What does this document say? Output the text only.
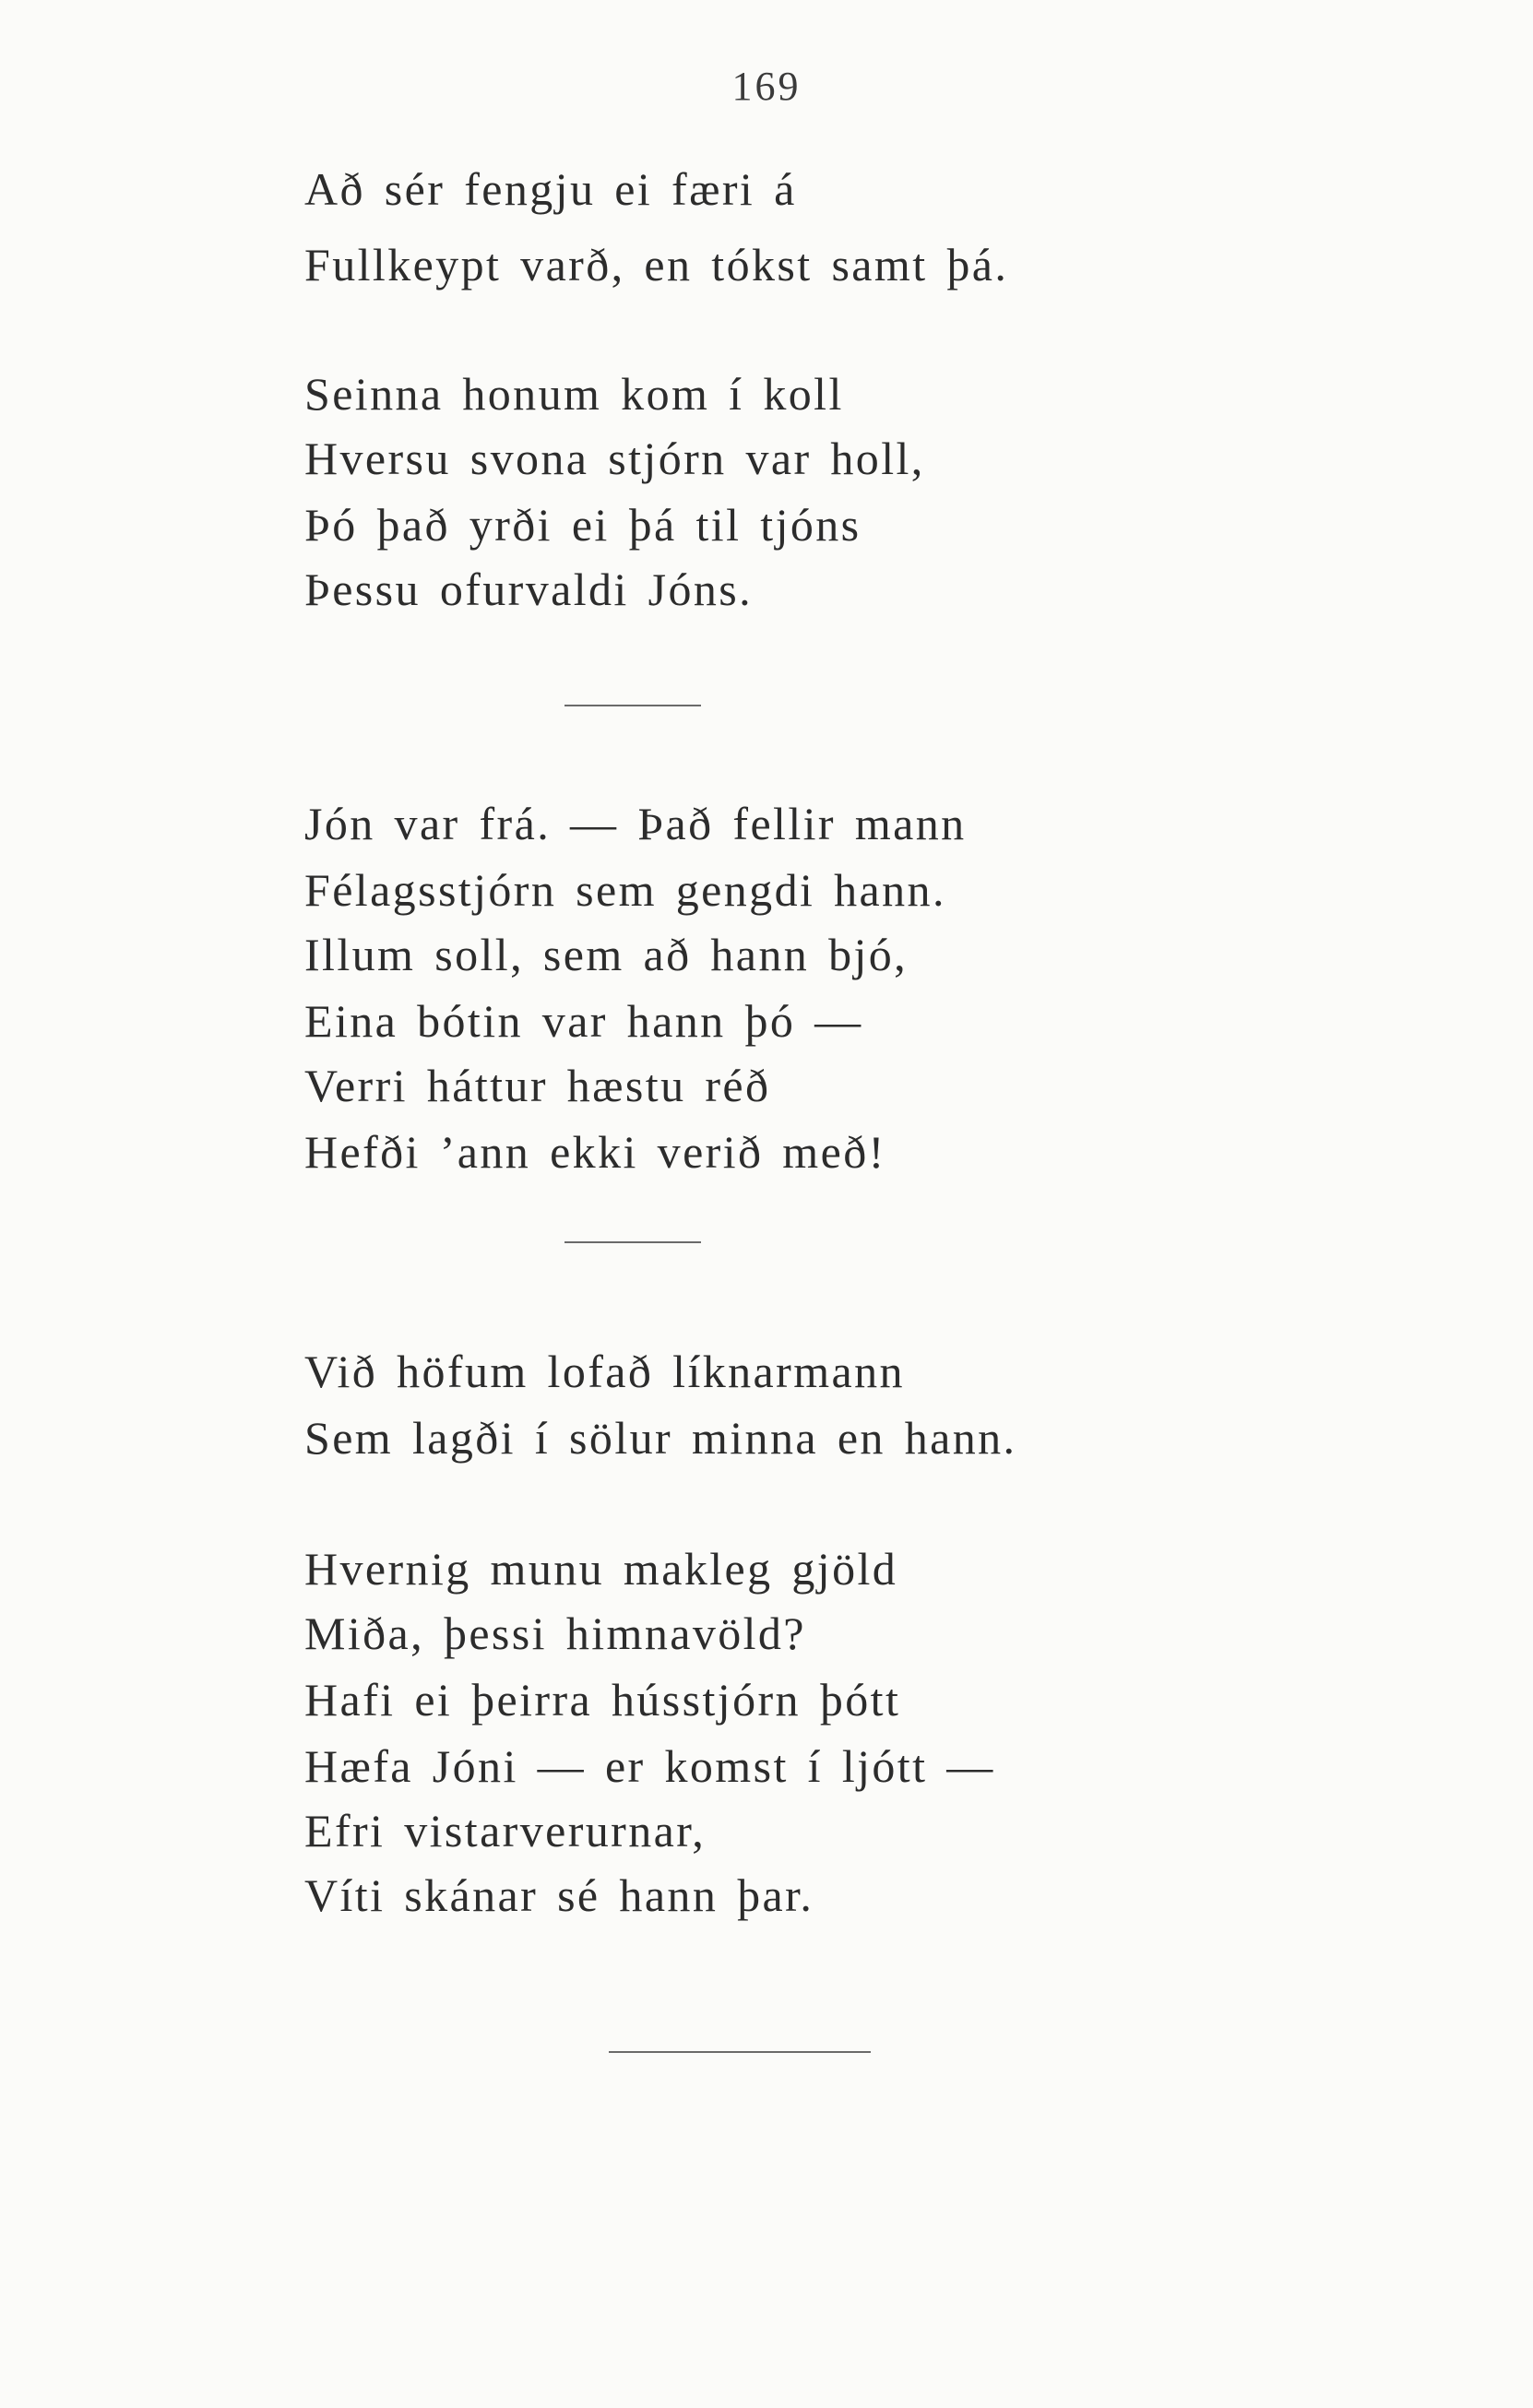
169
Að sér fengju ei færi á
Fullkeypt varð, en tókst samt þá.
Seinna honum kom í koll
Hversu svona stjórn var holl,
Þó það yrði ei þá til tjóns
Þessu ofurvaldi Jóns.
Jón var frá. — Það fellir mann
Félagsstjórn sem gengdi hann.
Illum soll, sem að hann bjó,
Eina bótin var hann þó —
Verri háttur hæstu réð
Hefði ’ann ekki verið með!
Við höfum lofað líknarmann
Sem lagði í sölur minna en hann.
Hvernig munu makleg gjöld
Miða, þessi himnavöld?
Hafi ei þeirra hússtjórn þótt
Hæfa Jóni — er komst í ljótt —
Efri vistarverurnar,
Víti skánar sé hann þar.
